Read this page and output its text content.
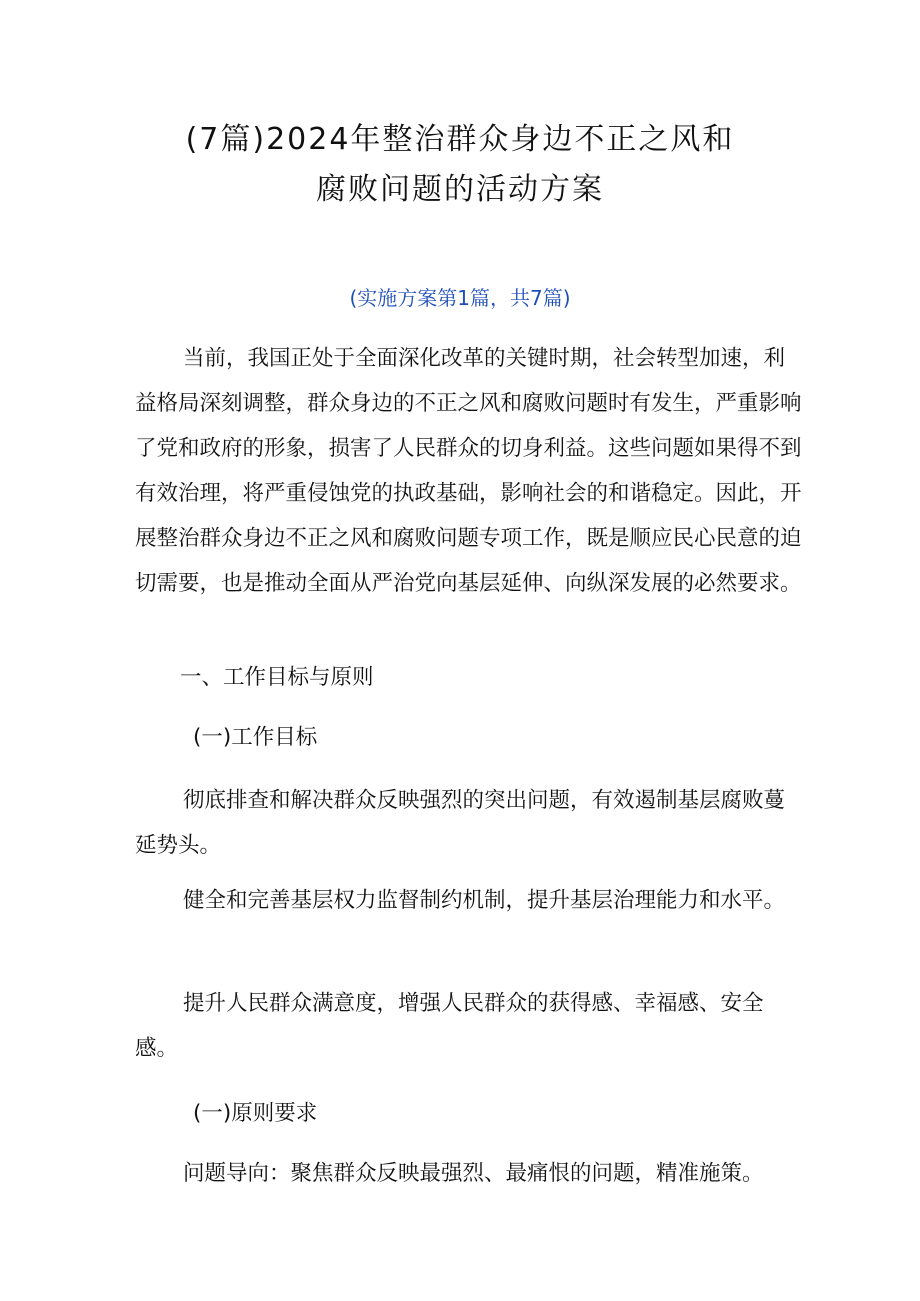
(7篇)2024年整治群众身边不正之风和
腐败问题的活动方案

(实施方案第1篇，共7篇)

当前，我国正处于全面深化改革的关键时期，社会转型加速，利益格局深刻调整，群众身边的不正之风和腐败问题时有发生，严重影响了党和政府的形象，损害了人民群众的切身利益。这些问题如果得不到有效治理，将严重侵蚀党的执政基础，影响社会的和谐稳定。因此，开展整治群众身边不正之风和腐败问题专项工作，既是顺应民心民意的迫切需要，也是推动全面从严治党向基层延伸、向纵深发展的必然要求。

一、工作目标与原则

(一)工作目标

彻底排查和解决群众反映强烈的突出问题，有效遏制基层腐败蔓延势头。

健全和完善基层权力监督制约机制，提升基层治理能力和水平。

提升人民群众满意度，增强人民群众的获得感、幸福感、安全感。

(一)原则要求

问题导向：聚焦群众反映最强烈、最痛恨的问题，精准施策。
